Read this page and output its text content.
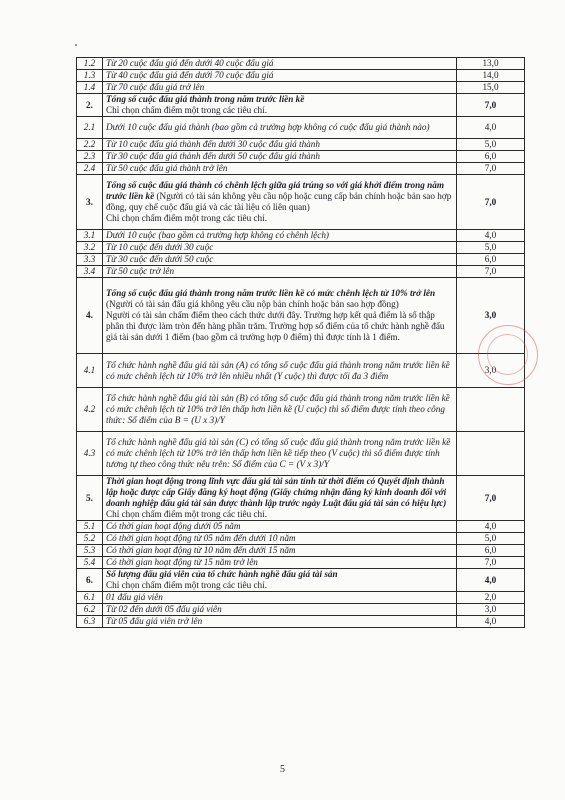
1.2	Từ 20 cuộc đấu giá đến dưới 40 cuộc đấu giá	13,0
1.3	Từ 40 cuộc đấu giá đến dưới 70 cuộc đấu giá	14,0
1.4	Từ 70 cuộc đấu giá trở lên	15,0
2.	Tổng số cuộc đấu giá thành trong năm trước liền kề
Chỉ chọn chấm điểm một trong các tiêu chí.	7,0
2.1	Dưới 10 cuộc đấu giá thành (bao gồm cả trường hợp không có cuộc đấu giá thành nào)	4,0
2.2	Từ 10 cuộc đấu giá thành đến dưới 30 cuộc đấu giá thành	5,0
2.3	Từ 30 cuộc đấu giá thành đến dưới 50 cuộc đấu giá thành	6,0
2.4	Từ 50 cuộc đấu giá thành trở lên	7,0
3.	Tổng số cuộc đấu giá thành có chênh lệch giữa giá trúng so với giá khởi điểm trong năm trước liền kề (Người có tài sản không yêu cầu nộp hoặc cung cấp bản chính hoặc bản sao hợp đồng, quy chế cuộc đấu giá và các tài liệu có liên quan)
Chỉ chọn chấm điểm một trong các tiêu chí.	7,0
3.1	Dưới 10 cuộc (bao gồm cả trường hợp không có chênh lệch)	4,0
3.2	Từ 10 cuộc đến dưới 30 cuộc	5,0
3.3	Từ 30 cuộc đến dưới 50 cuộc	6,0
3.4	Từ 50 cuộc trở lên	7,0
4.	Tổng số cuộc đấu giá thành trong năm trước liền kề có mức chênh lệch từ 10% trở lên (Người có tài sản đấu giá không yêu cầu nộp bản chính hoặc bản sao hợp đồng)
Người có tài sản chấm điểm theo cách thức dưới đây. Trường hợp kết quả điểm là số thập phân thì được làm tròn đến hàng phần trăm. Trường hợp số điểm của tổ chức hành nghề đấu giá tài sản dưới 1 điểm (bao gồm cả trường hợp 0 điểm) thì được tính là 1 điểm.	3,0
4.1	Tổ chức hành nghề đấu giá tài sản (A) có tổng số cuộc đấu giá thành trong năm trước liền kề có mức chênh lệch từ 10% trở lên nhiều nhất (Y cuộc) thì được tối đa 3 điểm	3,0
4.2	Tổ chức hành nghề đấu giá tài sản (B) có tổng số cuộc đấu giá thành trong năm trước liền kề có mức chênh lệch từ 10% trở lên thấp hơn liền kề (U cuộc) thì số điểm được tính theo công thức: Số điểm của B = (U x 3)/Y	
4.3	Tổ chức hành nghề đấu giá tài sản (C) có tổng số cuộc đấu giá thành trong năm trước liền kề có mức chênh lệch từ 10% trở lên thấp hơn liền kề tiếp theo (V cuộc) thì số điểm được tính tương tự theo công thức nêu trên: Số điểm của C = (V x 3)/Y	
5.	Thời gian hoạt động trong lĩnh vực đấu giá tài sản tính từ thời điểm có Quyết định thành lập hoặc được cấp Giấy đăng ký hoạt động (Giấy chứng nhận đăng ký kinh doanh đối với doanh nghiệp đấu giá tài sản được thành lập trước ngày Luật đấu giá tài sản có hiệu lực)
Chỉ chọn chấm điểm một trong các tiêu chí.	7,0
5.1	Có thời gian hoạt động dưới 05 năm	4,0
5.2	Có thời gian hoạt động từ 05 năm đến dưới 10 năm	5,0
5.3	Có thời gian hoạt động từ 10 năm đến dưới 15 năm	6,0
5.4	Có thời gian hoạt động từ 15 năm trở lên	7,0
6.	Số lượng đấu giá viên của tổ chức hành nghề đấu giá tài sản
Chỉ chọn chấm điểm một trong các tiêu chí.	4,0
6.1	01 đấu giá viên	2,0
6.2	Từ 02 đến dưới 05 đấu giá viên	3,0
6.3	Từ 05 đấu giá viên trở lên	4,0
5
